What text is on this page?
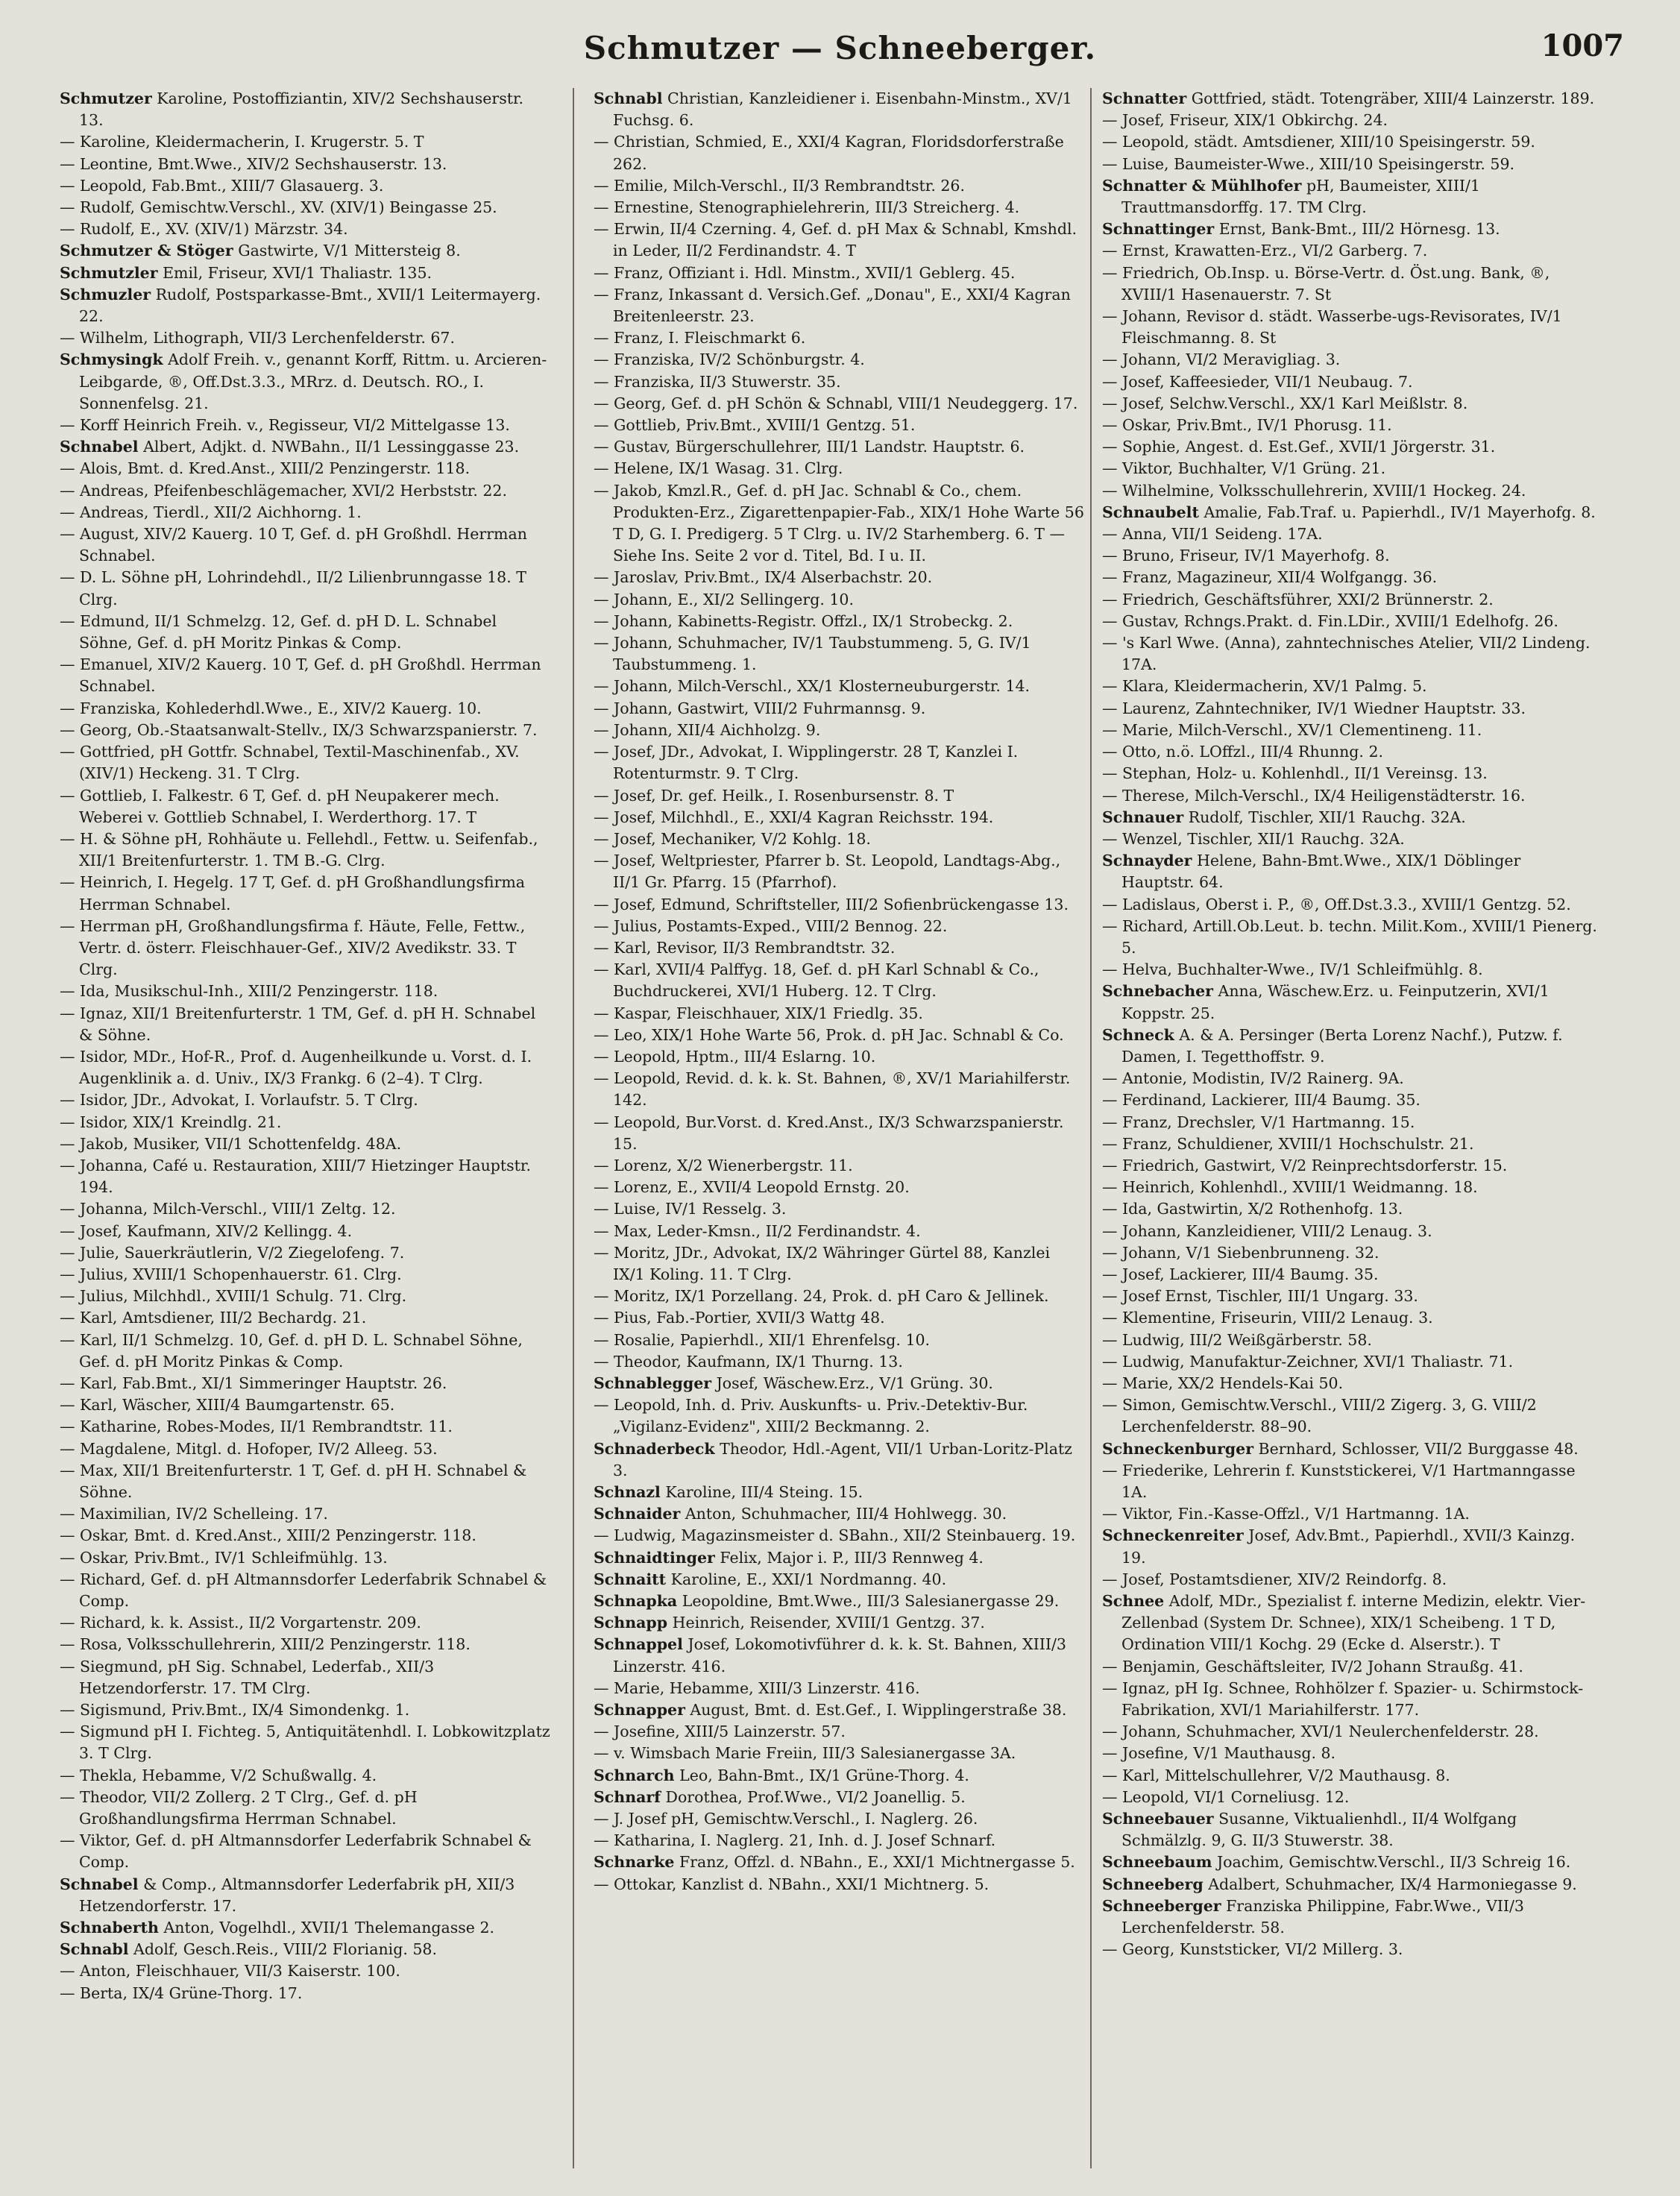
Schmutzer — Schneeberger.	1007

Schmutzer Karoline, Postoffiziantin, XIV/2 Sechshauserstr. 13.

— Karoline, Kleidermacherin, I. Krugerstr. 5. T

— Leontine, Bmt.Wwe., XIV/2 Sechshauserstr. 13.

— Leopold, Fab.Bmt., XIII/7 Glasauerg. 3.

— Rudolf, Gemischtw.Verschl., XV. (XIV/1) Beingasse 25.

— Rudolf, E., XV. (XIV/1) Märzstr. 34.

Schmutzer & Stöger Gastwirte, V/1 Mittersteig 8.

Schmutzler Emil, Friseur, XVI/1 Thaliastr. 135.

Schmuzler Rudolf, Postsparkasse-Bmt., XVII/1 Leitermayerg. 22.

— Wilhelm, Lithograph, VII/3 Lerchenfelderstr. 67.

Schmysingk Adolf Freih. v., genannt Korff, Rittm. u. Arcieren-Leibgarde, ®, Off.Dst.3.3., MRrz. d. Deutsch. RO., I. Sonnenfelsg. 21.

— Korff Heinrich Freih. v., Regisseur, VI/2 Mittelgasse 13.

Schnabel Albert, Adjkt. d. NWBahn., II/1 Lessinggasse 23.

— Alois, Bmt. d. Kred.Anst., XIII/2 Penzingerstr. 118.

— Andreas, Pfeifenbeschlägemacher, XVI/2 Herbststr. 22.

— Andreas, Tierdl., XII/2 Aichhorng. 1.

— August, XIV/2 Kauerg. 10 T, Gef. d. pH Großhdl. Herrman Schnabel.

— D. L. Söhne pH, Lohrindehdl., II/2 Lilienbrunngasse 18. T Clrg.

— Edmund, II/1 Schmelzg. 12, Gef. d. pH D. L. Schnabel Söhne, Gef. d. pH Moritz Pinkas & Comp.

— Emanuel, XIV/2 Kauerg. 10 T, Gef. d. pH Großhdl. Herrman Schnabel.

— Franziska, Kohlederhdl.Wwe., E., XIV/2 Kauerg. 10.

— Georg, Ob.-Staatsanwalt-Stellv., IX/3 Schwarzspanierstr. 7.

— Gottfried, pH Gottfr. Schnabel, Textil-Maschinenfab., XV. (XIV/1) Heckeng. 31. T Clrg.

— Gottlieb, I. Falkestr. 6 T, Gef. d. pH Neupakerer mech. Weberei v. Gottlieb Schnabel, I. Werderthorg. 17. T

— H. & Söhne pH, Rohhäute u. Fellehdl., Fettw. u. Seifenfab., XII/1 Breitenfurterstr. 1. TM B.-G. Clrg.

— Heinrich, I. Hegelg. 17 T, Gef. d. pH Großhandlungsfirma Herrman Schnabel.

— Herrman pH, Großhandlungsfirma f. Häute, Felle, Fettw., Vertr. d. österr. Fleischhauer-Gef., XIV/2 Avedikstr. 33. T Clrg.

— Ida, Musikschul-Inh., XIII/2 Penzingerstr. 118.

— Ignaz, XII/1 Breitenfurterstr. 1 TM, Gef. d. pH H. Schnabel & Söhne.

— Isidor, MDr., Hof-R., Prof. d. Augenheilkunde u. Vorst. d. I. Augenklinik a. d. Univ., IX/3 Frankg. 6 (2–4). T Clrg.

— Isidor, JDr., Advokat, I. Vorlaufstr. 5. T Clrg.

— Isidor, XIX/1 Kreindlg. 21.

— Jakob, Musiker, VII/1 Schottenfeldg. 48A.

— Johanna, Café u. Restauration, XIII/7 Hietzinger Hauptstr. 194.

— Johanna, Milch-Verschl., VIII/1 Zeltg. 12.

— Josef, Kaufmann, XIV/2 Kellingg. 4.

— Julie, Sauerkräutlerin, V/2 Ziegelofeng. 7.

— Julius, XVIII/1 Schopenhauerstr. 61. Clrg.

— Julius, Milchhdl., XVIII/1 Schulg. 71. Clrg.

— Karl, Amtsdiener, III/2 Bechardg. 21.

— Karl, II/1 Schmelzg. 10, Gef. d. pH D. L. Schnabel Söhne, Gef. d. pH Moritz Pinkas & Comp.

— Karl, Fab.Bmt., XI/1 Simmeringer Hauptstr. 26.

— Karl, Wäscher, XIII/4 Baumgartenstr. 65.

— Katharine, Robes-Modes, II/1 Rembrandtstr. 11.

— Magdalene, Mitgl. d. Hofoper, IV/2 Alleeg. 53.

— Max, XII/1 Breitenfurterstr. 1 T, Gef. d. pH H. Schnabel & Söhne.

— Maximilian, IV/2 Schelleing. 17.

— Oskar, Bmt. d. Kred.Anst., XIII/2 Penzingerstr. 118.

— Oskar, Priv.Bmt., IV/1 Schleifmühlg. 13.

— Richard, Gef. d. pH Altmannsdorfer Lederfabrik Schnabel & Comp.

— Richard, k. k. Assist., II/2 Vorgartenstr. 209.

— Rosa, Volksschullehrerin, XIII/2 Penzingerstr. 118.

— Siegmund, pH Sig. Schnabel, Lederfab., XII/3 Hetzendorferstr. 17. TM Clrg.

— Sigismund, Priv.Bmt., IX/4 Simondenkg. 1.

— Sigmund pH I. Fichteg. 5, Antiquitätenhdl. I. Lobkowitzplatz 3. T Clrg.

— Thekla, Hebamme, V/2 Schußwallg. 4.

— Theodor, VII/2 Zollerg. 2 T Clrg., Gef. d. pH Großhandlungsfirma Herrman Schnabel.

— Viktor, Gef. d. pH Altmannsdorfer Lederfabrik Schnabel & Comp.

Schnabel & Comp., Altmannsdorfer Lederfabrik pH, XII/3 Hetzendorferstr. 17.

Schnaberth Anton, Vogelhdl., XVII/1 Thelemangasse 2.

Schnabl Adolf, Gesch.Reis., VIII/2 Florianig. 58.

— Anton, Fleischhauer, VII/3 Kaiserstr. 100.

— Berta, IX/4 Grüne-Thorg. 17.

Schnabl Christian, Kanzleidiener i. Eisenbahn-Minstm., XV/1 Fuchsg. 6.

— Christian, Schmied, E., XXI/4 Kagran, Floridsdorferstraße 262.

— Emilie, Milch-Verschl., II/3 Rembrandtstr. 26.

— Ernestine, Stenographielehrerin, III/3 Streicherg. 4.

— Erwin, II/4 Czerning. 4, Gef. d. pH Max & Schnabl, Kmshdl. in Leder, II/2 Ferdinandstr. 4. T

— Franz, Offiziant i. Hdl. Minstm., XVII/1 Geblerg. 45.

— Franz, Inkassant d. Versich.Gef. „Donau", E., XXI/4 Kagran Breitenleerstr. 23.

— Franz, I. Fleischmarkt 6.

— Franziska, IV/2 Schönburgstr. 4.

— Franziska, II/3 Stuwerstr. 35.

— Georg, Gef. d. pH Schön & Schnabl, VIII/1 Neudeggerg. 17.

— Gottlieb, Priv.Bmt., XVIII/1 Gentzg. 51.

— Gustav, Bürgerschullehrer, III/1 Landstr. Hauptstr. 6.

— Helene, IX/1 Wasag. 31. Clrg.

— Jakob, Kmzl.R., Gef. d. pH Jac. Schnabl & Co., chem. Produkten-Erz., Zigarettenpapier-Fab., XIX/1 Hohe Warte 56 T D, G. I. Predigerg. 5 T Clrg. u. IV/2 Starhemberg. 6. T — Siehe Ins. Seite 2 vor d. Titel, Bd. I u. II.

— Jaroslav, Priv.Bmt., IX/4 Alserbachstr. 20.

— Johann, E., XI/2 Sellingerg. 10.

— Johann, Kabinetts-Registr. Offzl., IX/1 Strobeckg. 2.

— Johann, Schuhmacher, IV/1 Taubstummeng. 5, G. IV/1 Taubstummeng. 1.

— Johann, Milch-Verschl., XX/1 Klosterneuburgerstr. 14.

— Johann, Gastwirt, VIII/2 Fuhrmannsg. 9.

— Johann, XII/4 Aichholzg. 9.

— Josef, JDr., Advokat, I. Wipplingerstr. 28 T, Kanzlei I. Rotenturmstr. 9. T Clrg.

— Josef, Dr. gef. Heilk., I. Rosenbursenstr. 8. T

— Josef, Milchhdl., E., XXI/4 Kagran Reichsstr. 194.

— Josef, Mechaniker, V/2 Kohlg. 18.

— Josef, Weltpriester, Pfarrer b. St. Leopold, Landtags-Abg., II/1 Gr. Pfarrg. 15 (Pfarrhof).

— Josef, Edmund, Schriftsteller, III/2 Sofienbrückengasse 13.

— Julius, Postamts-Exped., VIII/2 Bennog. 22.

— Karl, Revisor, II/3 Rembrandtstr. 32.

— Karl, XVII/4 Palffyg. 18, Gef. d. pH Karl Schnabl & Co., Buchdruckerei, XVI/1 Huberg. 12. T Clrg.

— Kaspar, Fleischhauer, XIX/1 Friedlg. 35.

— Leo, XIX/1 Hohe Warte 56, Prok. d. pH Jac. Schnabl & Co.

— Leopold, Hptm., III/4 Eslarng. 10.

— Leopold, Revid. d. k. k. St. Bahnen, ®, XV/1 Mariahilferstr. 142.

— Leopold, Bur.Vorst. d. Kred.Anst., IX/3 Schwarzspanierstr. 15.

— Lorenz, X/2 Wienerbergstr. 11.

— Lorenz, E., XVII/4 Leopold Ernstg. 20.

— Luise, IV/1 Resselg. 3.

— Max, Leder-Kmsn., II/2 Ferdinandstr. 4.

— Moritz, JDr., Advokat, IX/2 Währinger Gürtel 88, Kanzlei IX/1 Koling. 11. T Clrg.

— Moritz, IX/1 Porzellang. 24, Prok. d. pH Caro & Jellinek.

— Pius, Fab.-Portier, XVII/3 Wattg 48.

— Rosalie, Papierhdl., XII/1 Ehrenfelsg. 10.

— Theodor, Kaufmann, IX/1 Thurng. 13.

Schnablegger Josef, Wäschew.Erz., V/1 Grüng. 30.

— Leopold, Inh. d. Priv. Auskunfts- u. Priv.-Detektiv-Bur. „Vigilanz-Evidenz", XIII/2 Beckmanng. 2.

Schnaderbeck Theodor, Hdl.-Agent, VII/1 Urban-Loritz-Platz 3.

Schnazl Karoline, III/4 Steing. 15.

Schnaider Anton, Schuhmacher, III/4 Hohlwegg. 30.

— Ludwig, Magazinsmeister d. SBahn., XII/2 Steinbauerg. 19.

Schnaidtinger Felix, Major i. P., III/3 Rennweg 4.

Schnaitt Karoline, E., XXI/1 Nordmanng. 40.

Schnapka Leopoldine, Bmt.Wwe., III/3 Salesianergasse 29.

Schnapp Heinrich, Reisender, XVIII/1 Gentzg. 37.

Schnappel Josef, Lokomotivführer d. k. k. St. Bahnen, XIII/3 Linzerstr. 416.

— Marie, Hebamme, XIII/3 Linzerstr. 416.

Schnapper August, Bmt. d. Est.Gef., I. Wipplingerstraße 38.

— Josefine, XIII/5 Lainzerstr. 57.

— v. Wimsbach Marie Freiin, III/3 Salesianergasse 3A.

Schnarch Leo, Bahn-Bmt., IX/1 Grüne-Thorg. 4.

Schnarf Dorothea, Prof.Wwe., VI/2 Joanellig. 5.

— J. Josef pH, Gemischtw.Verschl., I. Naglerg. 26.

— Katharina, I. Naglerg. 21, Inh. d. J. Josef Schnarf.

Schnarke Franz, Offzl. d. NBahn., E., XXI/1 Michtnergasse 5.

— Ottokar, Kanzlist d. NBahn., XXI/1 Michtnerg. 5.

Schnatter Gottfried, städt. Totengräber, XIII/4 Lainzerstr. 189.

— Josef, Friseur, XIX/1 Obkirchg. 24.

— Leopold, städt. Amtsdiener, XIII/10 Speisingerstr. 59.

— Luise, Baumeister-Wwe., XIII/10 Speisingerstr. 59.

Schnatter & Mühlhofer pH, Baumeister, XIII/1 Trauttmansdorffg. 17. TM Clrg.

Schnattinger Ernst, Bank-Bmt., III/2 Hörnesg. 13.

— Ernst, Krawatten-Erz., VI/2 Garberg. 7.

— Friedrich, Ob.Insp. u. Börse-Vertr. d. Öst.ung. Bank, ®, XVIII/1 Hasenauerstr. 7. St

— Johann, Revisor d. städt. Wasserbe-ugs-Revisorates, IV/1 Fleischmanng. 8. St

— Johann, VI/2 Meravigliag. 3.

— Josef, Kaffeesieder, VII/1 Neubaug. 7.

— Josef, Selchw.Verschl., XX/1 Karl Meißlstr. 8.

— Oskar, Priv.Bmt., IV/1 Phorusg. 11.

— Sophie, Angest. d. Est.Gef., XVII/1 Jörgerstr. 31.

— Viktor, Buchhalter, V/1 Grüng. 21.

— Wilhelmine, Volksschullehrerin, XVIII/1 Hockeg. 24.

Schnaubelt Amalie, Fab.Traf. u. Papierhdl., IV/1 Mayerhofg. 8.

— Anna, VII/1 Seideng. 17A.

— Bruno, Friseur, IV/1 Mayerhofg. 8.

— Franz, Magazineur, XII/4 Wolfgangg. 36.

— Friedrich, Geschäftsführer, XXI/2 Brünnerstr. 2.

— Gustav, Rchngs.Prakt. d. Fin.LDir., XVIII/1 Edelhofg. 26.

— 's Karl Wwe. (Anna), zahntechnisches Atelier, VII/2 Lindeng. 17A.

— Klara, Kleidermacherin, XV/1 Palmg. 5.

— Laurenz, Zahntechniker, IV/1 Wiedner Hauptstr. 33.

— Marie, Milch-Verschl., XV/1 Clementineng. 11.

— Otto, n.ö. LOffzl., III/4 Rhunng. 2.

— Stephan, Holz- u. Kohlenhdl., II/1 Vereinsg. 13.

— Therese, Milch-Verschl., IX/4 Heiligenstädterstr. 16.

Schnauer Rudolf, Tischler, XII/1 Rauchg. 32A.

— Wenzel, Tischler, XII/1 Rauchg. 32A.

Schnayder Helene, Bahn-Bmt.Wwe., XIX/1 Döblinger Hauptstr. 64.

— Ladislaus, Oberst i. P., ®, Off.Dst.3.3., XVIII/1 Gentzg. 52.

— Richard, Artill.Ob.Leut. b. techn. Milit.Kom., XVIII/1 Pienerg. 5.

— Helva, Buchhalter-Wwe., IV/1 Schleifmühlg. 8.

Schnebacher Anna, Wäschew.Erz. u. Feinputzerin, XVI/1 Koppstr. 25.

Schneck A. & A. Persinger (Berta Lorenz Nachf.), Putzw. f. Damen, I. Tegetthoffstr. 9.

— Antonie, Modistin, IV/2 Rainerg. 9A.

— Ferdinand, Lackierer, III/4 Baumg. 35.

— Franz, Drechsler, V/1 Hartmanng. 15.

— Franz, Schuldiener, XVIII/1 Hochschulstr. 21.

— Friedrich, Gastwirt, V/2 Reinprechtsdorferstr. 15.

— Heinrich, Kohlenhdl., XVIII/1 Weidmanng. 18.

— Ida, Gastwirtin, X/2 Rothenhofg. 13.

— Johann, Kanzleidiener, VIII/2 Lenaug. 3.

— Johann, V/1 Siebenbrunneng. 32.

— Josef, Lackierer, III/4 Baumg. 35.

— Josef Ernst, Tischler, III/1 Ungarg. 33.

— Klementine, Friseurin, VIII/2 Lenaug. 3.

— Ludwig, III/2 Weißgärberstr. 58.

— Ludwig, Manufaktur-Zeichner, XVI/1 Thaliastr. 71.

— Marie, XX/2 Hendels-Kai 50.

— Simon, Gemischtw.Verschl., VIII/2 Zigerg. 3, G. VIII/2 Lerchenfelderstr. 88–90.

Schneckenburger Bernhard, Schlosser, VII/2 Burggasse 48.

— Friederike, Lehrerin f. Kunststickerei, V/1 Hartmanngasse 1A.

— Viktor, Fin.-Kasse-Offzl., V/1 Hartmanng. 1A.

Schneckenreiter Josef, Adv.Bmt., Papierhdl., XVII/3 Kainzg. 19.

— Josef, Postamtsdiener, XIV/2 Reindorfg. 8.

Schnee Adolf, MDr., Spezialist f. interne Medizin, elektr. Vier-Zellenbad (System Dr. Schnee), XIX/1 Scheibeng. 1 T D, Ordination VIII/1 Kochg. 29 (Ecke d. Alserstr.). T

— Benjamin, Geschäftsleiter, IV/2 Johann Straußg. 41.

— Ignaz, pH Ig. Schnee, Rohhölzer f. Spazier- u. Schirmstock-Fabrikation, XVI/1 Mariahilferstr. 177.

— Johann, Schuhmacher, XVI/1 Neulerchenfelderstr. 28.

— Josefine, V/1 Mauthausg. 8.

— Karl, Mittelschullehrer, V/2 Mauthausg. 8.

— Leopold, VI/1 Corneliusg. 12.

Schneebauer Susanne, Viktualienhdl., II/4 Wolfgang Schmälzlg. 9, G. II/3 Stuwerstr. 38.

Schneebaum Joachim, Gemischtw.Verschl., II/3 Schreig 16.

Schneeberg Adalbert, Schuhmacher, IX/4 Harmoniegasse 9.

Schneeberger Franziska Philippine, Fabr.Wwe., VII/3 Lerchenfelderstr. 58.

— Georg, Kunststicker, VI/2 Millerg. 3.
